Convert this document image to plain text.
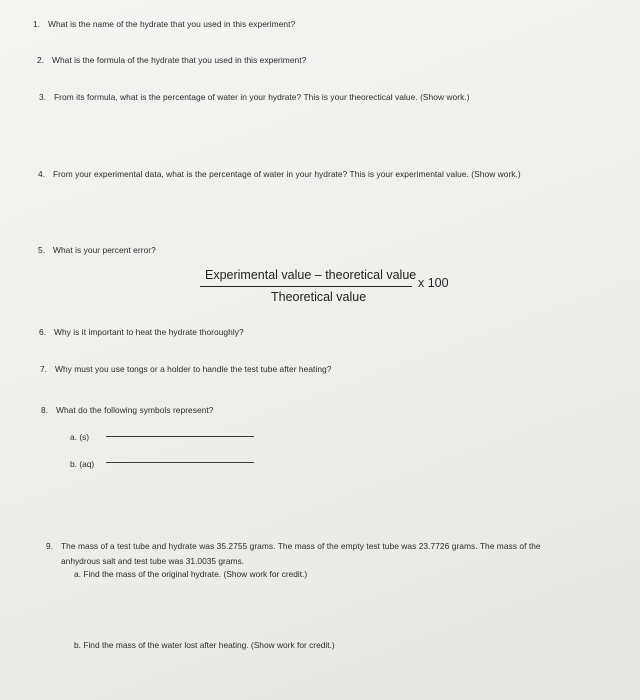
1. What is the name of the hydrate that you used in this experiment?
2. What is the formula of the hydrate that you used in this experiment?
3. From its formula, what is the percentage of water in your hydrate? This is your theorectical value. (Show work.)
4. From your experimental data, what is the percentage of water in your hydrate? This is your experimental value. (Show work.)
5. What is your percent error?
Experimental value – theoretical value
Theoretical value
x 100
6. Why is it important to heat the hydrate thoroughly?
7. Why must you use tongs or a holder to handle the test tube after heating?
8. What do the following symbols represent?
a. (s)
b. (aq)
9. The mass of a test tube and hydrate was 35.2755 grams. The mass of the empty test tube was 23.7726 grams. The mass of the
anhydrous salt and test tube was 31.0035 grams.
a. Find the mass of the original hydrate. (Show work for credit.)
b. Find the mass of the water lost after heating. (Show work for credit.)
